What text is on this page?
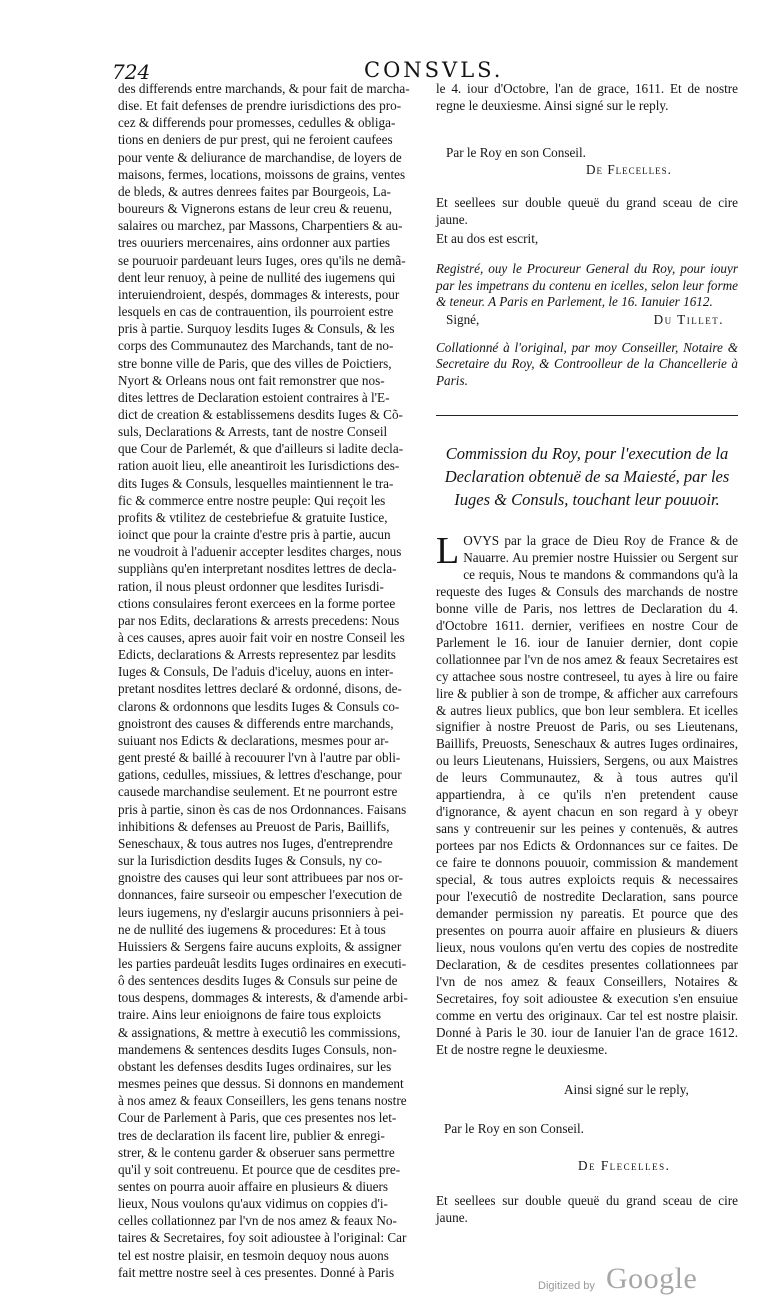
724	CONSVLS.

des differends entre marchands, & pour fait de marcha-

dise. Et fait defenses de prendre iurisdictions des pro-

cez & differends pour promesses, cedulles & obliga-

tions en deniers de pur prest, qui ne feroient caufees

pour vente & deliurance de marchandise, de loyers de

maisons, fermes, locations, moissons de grains, ventes

de bleds, & autres denrees faites par Bourgeois, La-

boureurs & Vignerons estans de leur creu & reuenu,

salaires ou marchez, par Massons, Charpentiers & au-

tres ouuriers mercenaires, ains ordonner aux parties

se pouruoir pardeuant leurs Iuges, ores qu'ils ne demã-

dent leur renuoy, à peine de nullité des iugemens qui

interuiendroient, despés, dommages & interests, pour

lesquels en cas de contrauention, ils pourroient estre

pris à partie. Surquoy lesdits Iuges & Consuls, & les

corps des Communautez des Marchands, tant de no-

stre bonne ville de Paris, que des villes de Poictiers,

Nyort & Orleans nous ont fait remonstrer que nos-

dites lettres de Declaration estoient contraires à l'E-

dict de creation & establissemens desdits Iuges & Cõ-

suls, Declarations & Arrests, tant de nostre Conseil

que Cour de Parlemét, & que d'ailleurs si ladite decla-

ration auoit lieu, elle aneantiroit les Iurisdictions des-

dits Iuges & Consuls, lesquelles maintiennent le tra-

fic & commerce entre nostre peuple: Qui reçoit les

profits & vtilitez de cestebriefue & gratuite Iustice,

ioinct que pour la crainte d'estre pris à partie, aucun

ne voudroit à l'aduenir accepter lesdites charges, nous

suppliàns qu'en interpretant nosdites lettres de decla-

ration, il nous pleust ordonner que lesdites Iurisdi-

ctions consulaires feront exercees en la forme portee

par nos Edits, declarations & arrests precedens: Nous

à ces causes, apres auoir fait voir en nostre Conseil les

Edicts, declarations & Arrests representez par lesdits

Iuges & Consuls, De l'aduis d'iceluy, auons en inter-

pretant nosdites lettres declaré & ordonné, disons, de-

clarons & ordonnons que lesdits Iuges & Consuls co-

gnoistront des causes & differends entre marchands,

suiuant nos Edicts & declarations, mesmes pour ar-

gent presté & baillé à recouurer l'vn à l'autre par obli-

gations, cedulles, missiues, & lettres d'eschange, pour

causede marchandise seulement. Et ne pourront estre

pris à partie, sinon ès cas de nos Ordonnances. Faisans

inhibitions & defenses au Preuost de Paris, Baillifs,

Seneschaux, & tous autres nos Iuges, d'entreprendre

sur la Iurisdiction desdits Iuges & Consuls, ny co-

gnoistre des causes qui leur sont attribuees par nos or-

donnances, faire surseoir ou empescher l'execution de

leurs iugemens, ny d'eslargir aucuns prisonniers à pei-

ne de nullité des iugemens & procedures: Et à tous

Huissiers & Sergens faire aucuns exploits, & assigner

les parties pardeuât lesdits Iuges ordinaires en executi-

ô des sentences desdits Iuges & Consuls sur peine de

tous despens, dommages & interests, & d'amende arbi-

traire. Ains leur enioignons de faire tous exploicts

& assignations, & mettre à executiô les commissions,

mandemens & sentences desdits Iuges Consuls, non-

obstant les defenses desdits Iuges ordinaires, sur les

mesmes peines que dessus. Si donnons en mandement

à nos amez & feaux Conseillers, les gens tenans nostre

Cour de Parlement à Paris, que ces presentes nos let-

tres de declaration ils facent lire, publier & enregi-

strer, & le contenu garder & obseruer sans permettre

qu'il y soit contreuenu. Et pource que de cesdites pre-

sentes on pourra auoir affaire en plusieurs & diuers

lieux, Nous voulons qu'aux vidimus on coppies d'i-

celles collationnez par l'vn de nos amez & feaux No-

taires & Secretaires, foy soit adioustee à l'original: Car

tel est nostre plaisir, en tesmoin dequoy nous auons

fait mettre nostre seel à ces presentes. Donné à Paris

le 4. iour d'Octobre, l'an de grace, 1611. Et de nostre regne le deuxiesme. Ainsi signé sur le reply.

Par le Roy en son Conseil.

De Flecelles.

Et seellees sur double queuë du grand sceau de cire jaune.

Et au dos est escrit,

Registré, ouy le Procureur General du Roy, pour iouyr par les impetrans du contenu en icelles, selon leur forme & teneur. A Paris en Parlement, le 16. Ianuier 1612.

Signé,	Du Tillet.

Collationné à l'original, par moy Conseiller, Notaire & Secretaire du Roy, & Controolleur de la Chancellerie à Paris.

Commission du Roy, pour l'execution de la Declaration obtenuë de sa Maiesté, par les Iuges & Consuls, touchant leur pouuoir.

LOVYS par la grace de Dieu Roy de France & de Nauarre. Au premier nostre Huissier ou Sergent sur ce requis, Nous te mandons & commandons qu'à la requeste des Iuges & Consuls des marchands de nostre bonne ville de Paris, nos lettres de Declaration du 4. d'Octobre 1611. dernier, verifiees en nostre Cour de Parlement le 16. iour de Ianuier dernier, dont copie collationnee par l'vn de nos amez & feaux Secretaires est cy attachee sous nostre contreseel, tu ayes à lire ou faire lire & publier à son de trompe, & afficher aux carrefours & autres lieux publics, que bon leur semblera. Et icelles signifier à nostre Preuost de Paris, ou ses Lieutenans, Baillifs, Preuosts, Seneschaux & autres Iuges ordinaires, ou leurs Lieutenans, Huissiers, Sergens, ou aux Maistres de leurs Communautez, & à tous autres qu'il appartiendra, à ce qu'ils n'en pretendent cause d'ignorance, & ayent chacun en son regard à y obeyr sans y contreuenir sur les peines y contenuës, & autres portees par nos Edicts & Ordonnances sur ce faites. De ce faire te donnons pouuoir, commission & mandement special, & tous autres exploicts requis & necessaires pour l'executiô de nostredite Declaration, sans pource demander permission ny pareatis. Et pource que des presentes on pourra auoir affaire en plusieurs & diuers lieux, nous voulons qu'en vertu des copies de nostredite Declaration, & de cesdites presentes collationnees par l'vn de nos amez & feaux Conseillers, Notaires & Secretaires, foy soit adioustee & execution s'en ensuiue comme en vertu des originaux. Car tel est nostre plaisir. Donné à Paris le 30. iour de Ianuier l'an de grace 1612. Et de nostre regne le deuxiesme.

Ainsi signé sur le reply,

Par le Roy en son Conseil.

De Flecelles.

Et seellees sur double queuë du grand sceau de cire jaune.

Digitized by Google
